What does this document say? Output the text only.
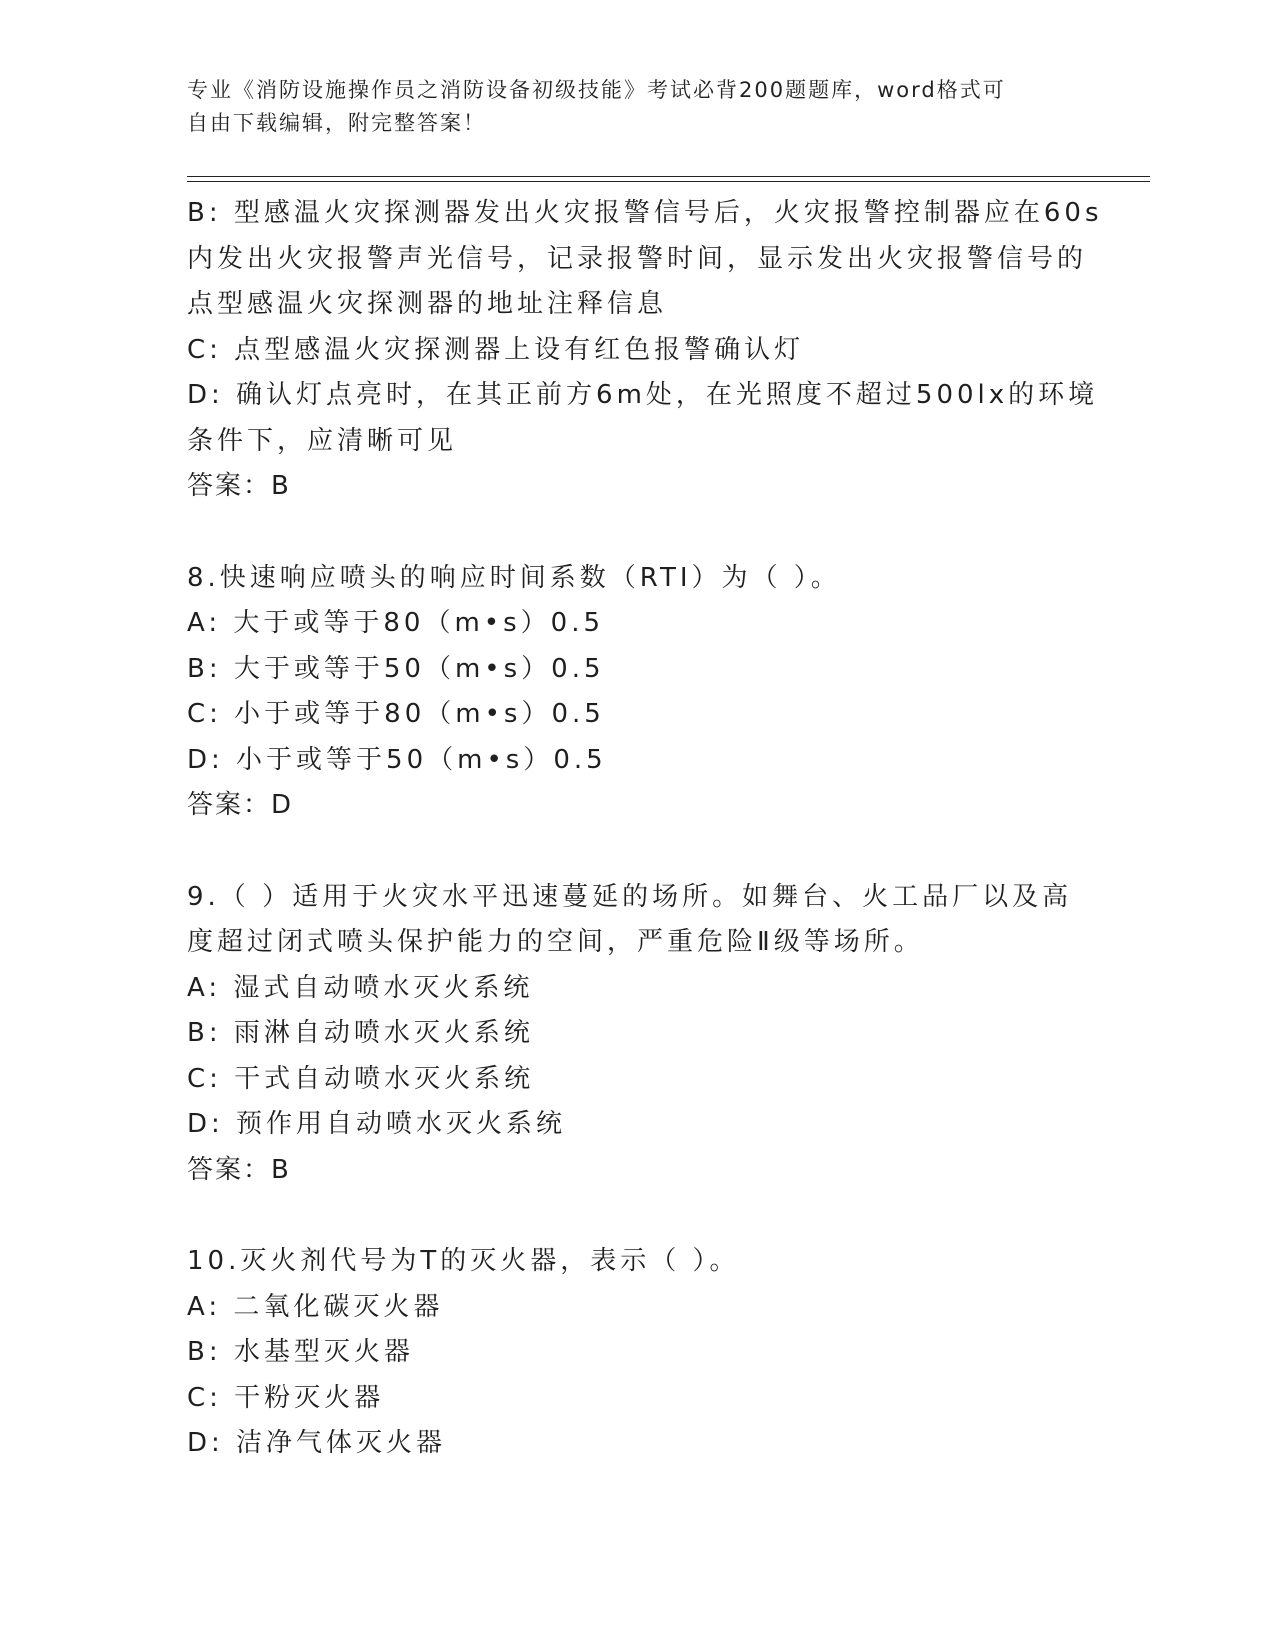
专业《消防设施操作员之消防设备初级技能》考试必背200题题库，word格式可
自由下载编辑，附完整答案！
B: 型感温火灾探测器发出火灾报警信号后，火灾报警控制器应在60s
内发出火灾报警声光信号，记录报警时间，显示发出火灾报警信号的
点型感温火灾探测器的地址注释信息
C: 点型感温火灾探测器上设有红色报警确认灯
D: 确认灯点亮时，在其正前方6m处，在光照度不超过500lx的环境
条件下，应清晰可见
答案：B
8.快速响应喷头的响应时间系数（RTI）为（ ）。
A: 大于或等于80（m•s）0.5
B: 大于或等于50（m•s）0.5
C: 小于或等于80（m•s）0.5
D: 小于或等于50（m•s）0.5
答案：D
9.（ ）适用于火灾水平迅速蔓延的场所。如舞台、火工品厂以及高
度超过闭式喷头保护能力的空间，严重危险Ⅱ级等场所。
A: 湿式自动喷水灭火系统
B: 雨淋自动喷水灭火系统
C: 干式自动喷水灭火系统
D: 预作用自动喷水灭火系统
答案：B
10.灭火剂代号为T的灭火器，表示（ ）。
A: 二氧化碳灭火器
B: 水基型灭火器
C: 干粉灭火器
D: 洁净气体灭火器
